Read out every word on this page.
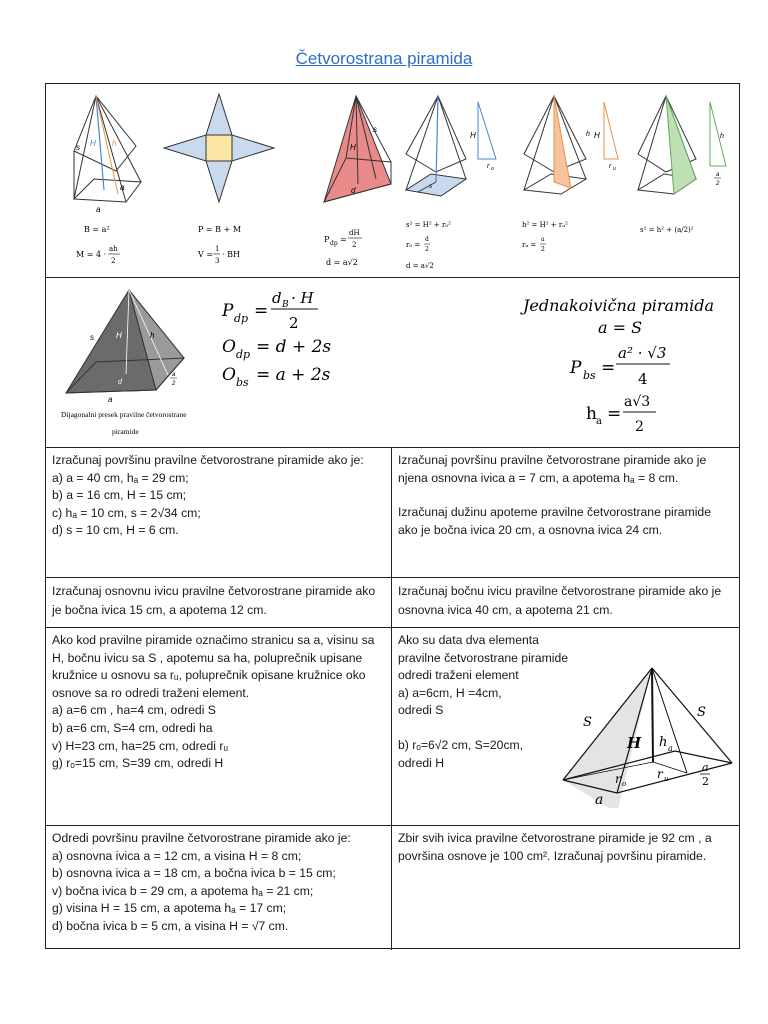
Četvorostrana piramida
s H h
a
a
B = a²
M = 4 ·
ah
2
P = B + M
V =
1
3
· BH
s
H
d
P dp =
dH
2
d = a√2
H
r o
s
s² = H² + r₀²
r₀ =
d
2
d = a√2
H
r u
h
h² = H² + rᵤ²
rᵤ =
a
2
h
a
2
s² = h² + (a/2)²
s	H	h
d
a
a
2
Dijagonalni presek pravilne četvorostrane
piramide
P dp =
d B · H
2
O dp = d + 2s
O bs = a + 2s
Jednakoivična piramida
a = S
P bs =
a² · √3
4
h a =
a√3
2
Izračunaj površinu pravilne četvorostrane piramide ako je:
a) a = 40 cm, hₐ = 29 cm;
b) a = 16 cm, H = 15 cm;
c) hₐ = 10 cm, s = 2√34 cm;
d) s = 10 cm, H = 6 cm.
Izračunaj površinu pravilne četvorostrane piramide ako je njena osnovna ivica a = 7 cm, a apotema hₐ = 8 cm.
Izračunaj dužinu apoteme pravilne četvorostrane piramide ako je bočna ivica 20 cm, a osnovna ivica 24 cm.
Izračunaj osnovnu ivicu pravilne četvorostrane piramide ako je bočna ivica 15 cm, a apotema 12 cm.
Izračunaj bočnu ivicu pravilne četvorostrane piramide ako je osnovna ivica 40 cm, a apotema 21 cm.
Ako kod pravilne piramide označimo stranicu sa a, visinu sa H, bočnu ivicu sa S , apotemu sa ha, poluprečnik upisane kružnice u osnovu sa rᵤ, poluprečnik opisane kružnice oko osnove sa ro odredi traženi element.
a) a=6 cm , ha=4 cm, odredi S
b) a=6 cm, S=4 cm, odredi ha
v) H=23 cm, ha=25 cm, odredi rᵤ
g) rₒ=15 cm, S=39 cm, odredi H
Ako su data dva elementa pravilne četvorostrane piramide odredi traženi element
a) a=6cm, H =4cm,
odredi S
b) rₒ=6√2 cm, S=20cm,
odredi H
S
S
H h a
r o
r u
a
a
2
Odredi površinu pravilne četvorostrane piramide ako je:
a) osnovna ivica a = 12 cm, a visina H = 8 cm;
b) osnovna ivica a = 18 cm, a bočna ivica b = 15 cm;
v) bočna ivica b = 29 cm, a apotema hₐ = 21 cm;
g) visina H = 15 cm, a apotema hₐ = 17 cm;
d) bočna ivica b = 5 cm, a visina H = √7 cm.
Zbir svih ivica pravilne četvorostrane piramide je 92 cm , a površina osnove je 100 cm². Izračunaj površinu piramide.
